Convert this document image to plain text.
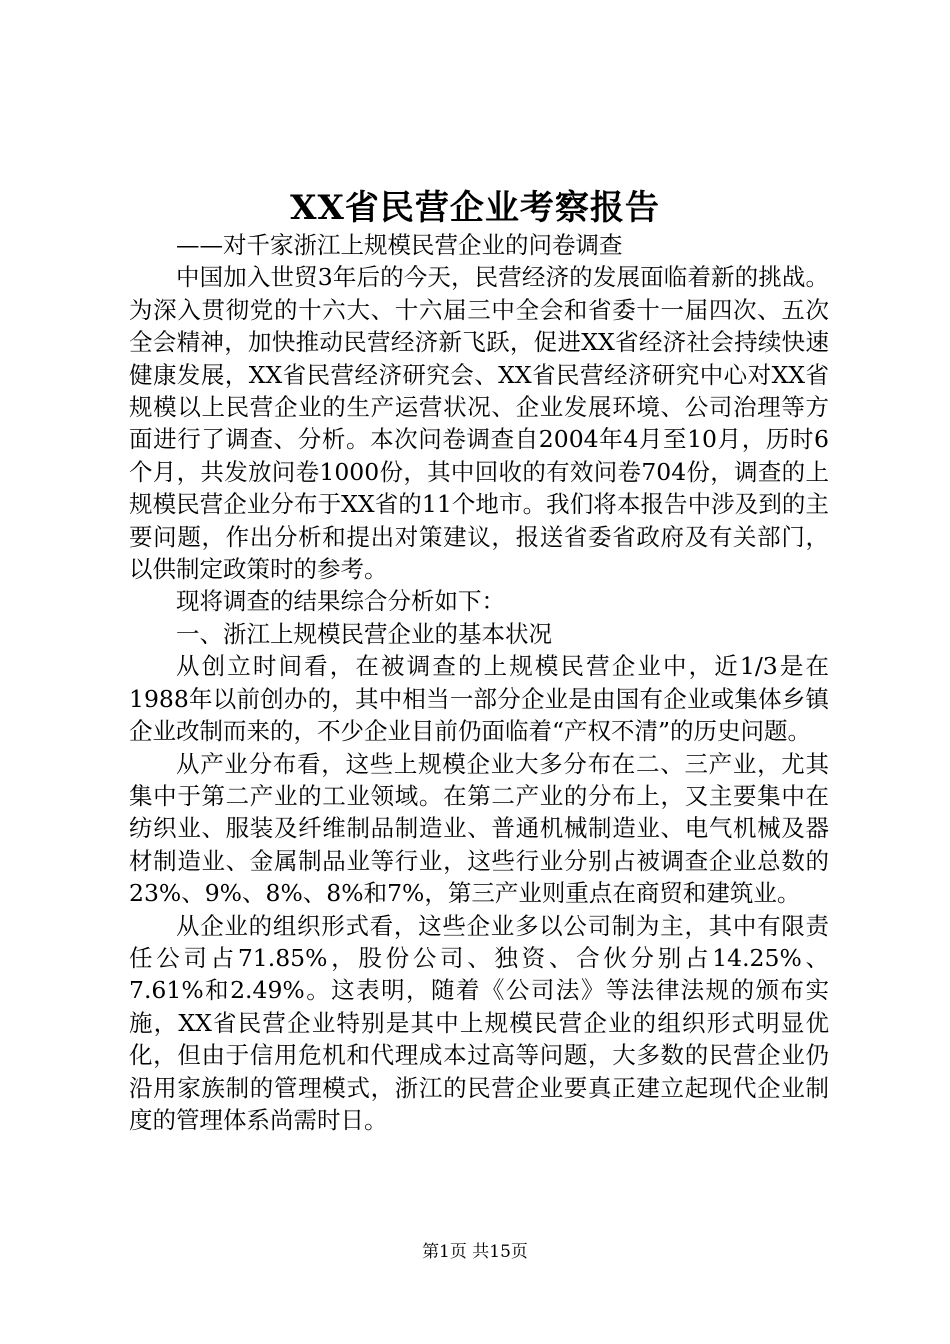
XX省民营企业考察报告

——对千家浙江上规模民营企业的问卷调查

中国加入世贸3年后的今天，民营经济的发展面临着新的挑战。为深入贯彻党的十六大、十六届三中全会和省委十一届四次、五次全会精神，加快推动民营经济新飞跃，促进XX省经济社会持续快速健康发展，XX省民营经济研究会、XX省民营经济研究中心对XX省规模以上民营企业的生产运营状况、企业发展环境、公司治理等方面进行了调查、分析。本次问卷调查自2004年4月至10月，历时6个月，共发放问卷1000份，其中回收的有效问卷704份，调查的上规模民营企业分布于XX省的11个地市。我们将本报告中涉及到的主要问题，作出分析和提出对策建议，报送省委省政府及有关部门，以供制定政策时的参考。

现将调查的结果综合分析如下：

一、浙江上规模民营企业的基本状况

从创立时间看，在被调查的上规模民营企业中，近1/3是在1988年以前创办的，其中相当一部分企业是由国有企业或集体乡镇企业改制而来的，不少企业目前仍面临着“产权不清”的历史问题。

从产业分布看，这些上规模企业大多分布在二、三产业，尤其集中于第二产业的工业领域。在第二产业的分布上，又主要集中在纺织业、服装及纤维制品制造业、普通机械制造业、电气机械及器材制造业、金属制品业等行业，这些行业分别占被调查企业总数的23%、9%、8%、8%和7%，第三产业则重点在商贸和建筑业。

从企业的组织形式看，这些企业多以公司制为主，其中有限责任公司占71.85%，股份公司、独资、合伙分别占14.25%、7.61%和2.49%。这表明，随着《公司法》等法律法规的颁布实施，XX省民营企业特别是其中上规模民营企业的组织形式明显优化，但由于信用危机和代理成本过高等问题，大多数的民营企业仍沿用家族制的管理模式，浙江的民营企业要真正建立起现代企业制度的管理体系尚需时日。

第1页 共15页
